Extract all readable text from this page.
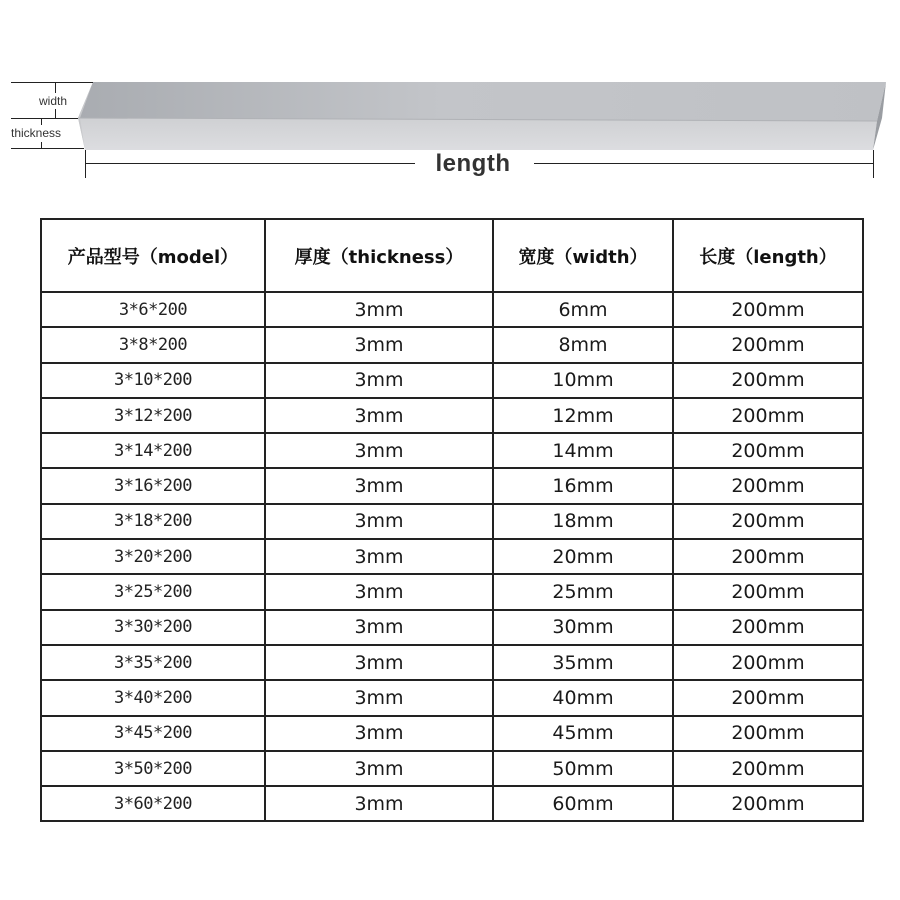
width
thickness
length
产品型号（model）	厚度（thickness）	宽度（width）	长度（length）
3*6*200	3mm	6mm	200mm
3*8*200	3mm	8mm	200mm
3*10*200	3mm	10mm	200mm
3*12*200	3mm	12mm	200mm
3*14*200	3mm	14mm	200mm
3*16*200	3mm	16mm	200mm
3*18*200	3mm	18mm	200mm
3*20*200	3mm	20mm	200mm
3*25*200	3mm	25mm	200mm
3*30*200	3mm	30mm	200mm
3*35*200	3mm	35mm	200mm
3*40*200	3mm	40mm	200mm
3*45*200	3mm	45mm	200mm
3*50*200	3mm	50mm	200mm
3*60*200	3mm	60mm	200mm
